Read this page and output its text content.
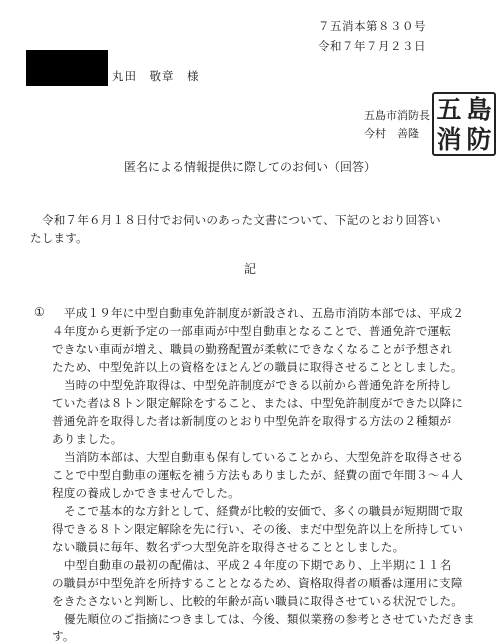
７五消本第８３０号
令和７年７月２３日
丸田　敬章　様
五島市消防長
今村　善隆
五 島
消 防
匿名による情報提供に際してのお伺い（回答）
令和７年６月１８日付でお伺いのあった文書について、下記のとおり回答い
たします。
記
① 平成１９年に中型自動車免許制度が新設され、五島市消防本部では、平成２
４年度から更新予定の一部車両が中型自動車となることで、普通免許で運転
できない車両が増え、職員の勤務配置が柔軟にできなくなることが予想され
たため、中型免許以上の資格をほとんどの職員に取得させることとしました。
当時の中型免許取得は、中型免許制度ができる以前から普通免許を所持し
ていた者は８トン限定解除をすること、または、中型免許制度ができた以降に
普通免許を取得した者は新制度のとおり中型免許を取得する方法の２種類が
ありました。
当消防本部は、大型自動車も保有していることから、大型免許を取得させる
ことで中型自動車の運転を補う方法もありましたが、経費の面で年間３～４人
程度の養成しかできませんでした。
そこで基本的な方針として、経費が比較的安価で、多くの職員が短期間で取
得できる８トン限定解除を先に行い、その後、まだ中型免許以上を所持してい
ない職員に毎年、数名ずつ大型免許を取得させることとしました。
中型自動車の最初の配備は、平成２４年度の下期であり、上半期に１１名
の職員が中型免許を所持することとなるため、資格取得者の順番は運用に支障
をきたさないと判断し、比較的年齢が高い職員に取得させている状況でした。
優先順位のご指摘につきましては、今後、類似業務の参考とさせていただきま
す。
